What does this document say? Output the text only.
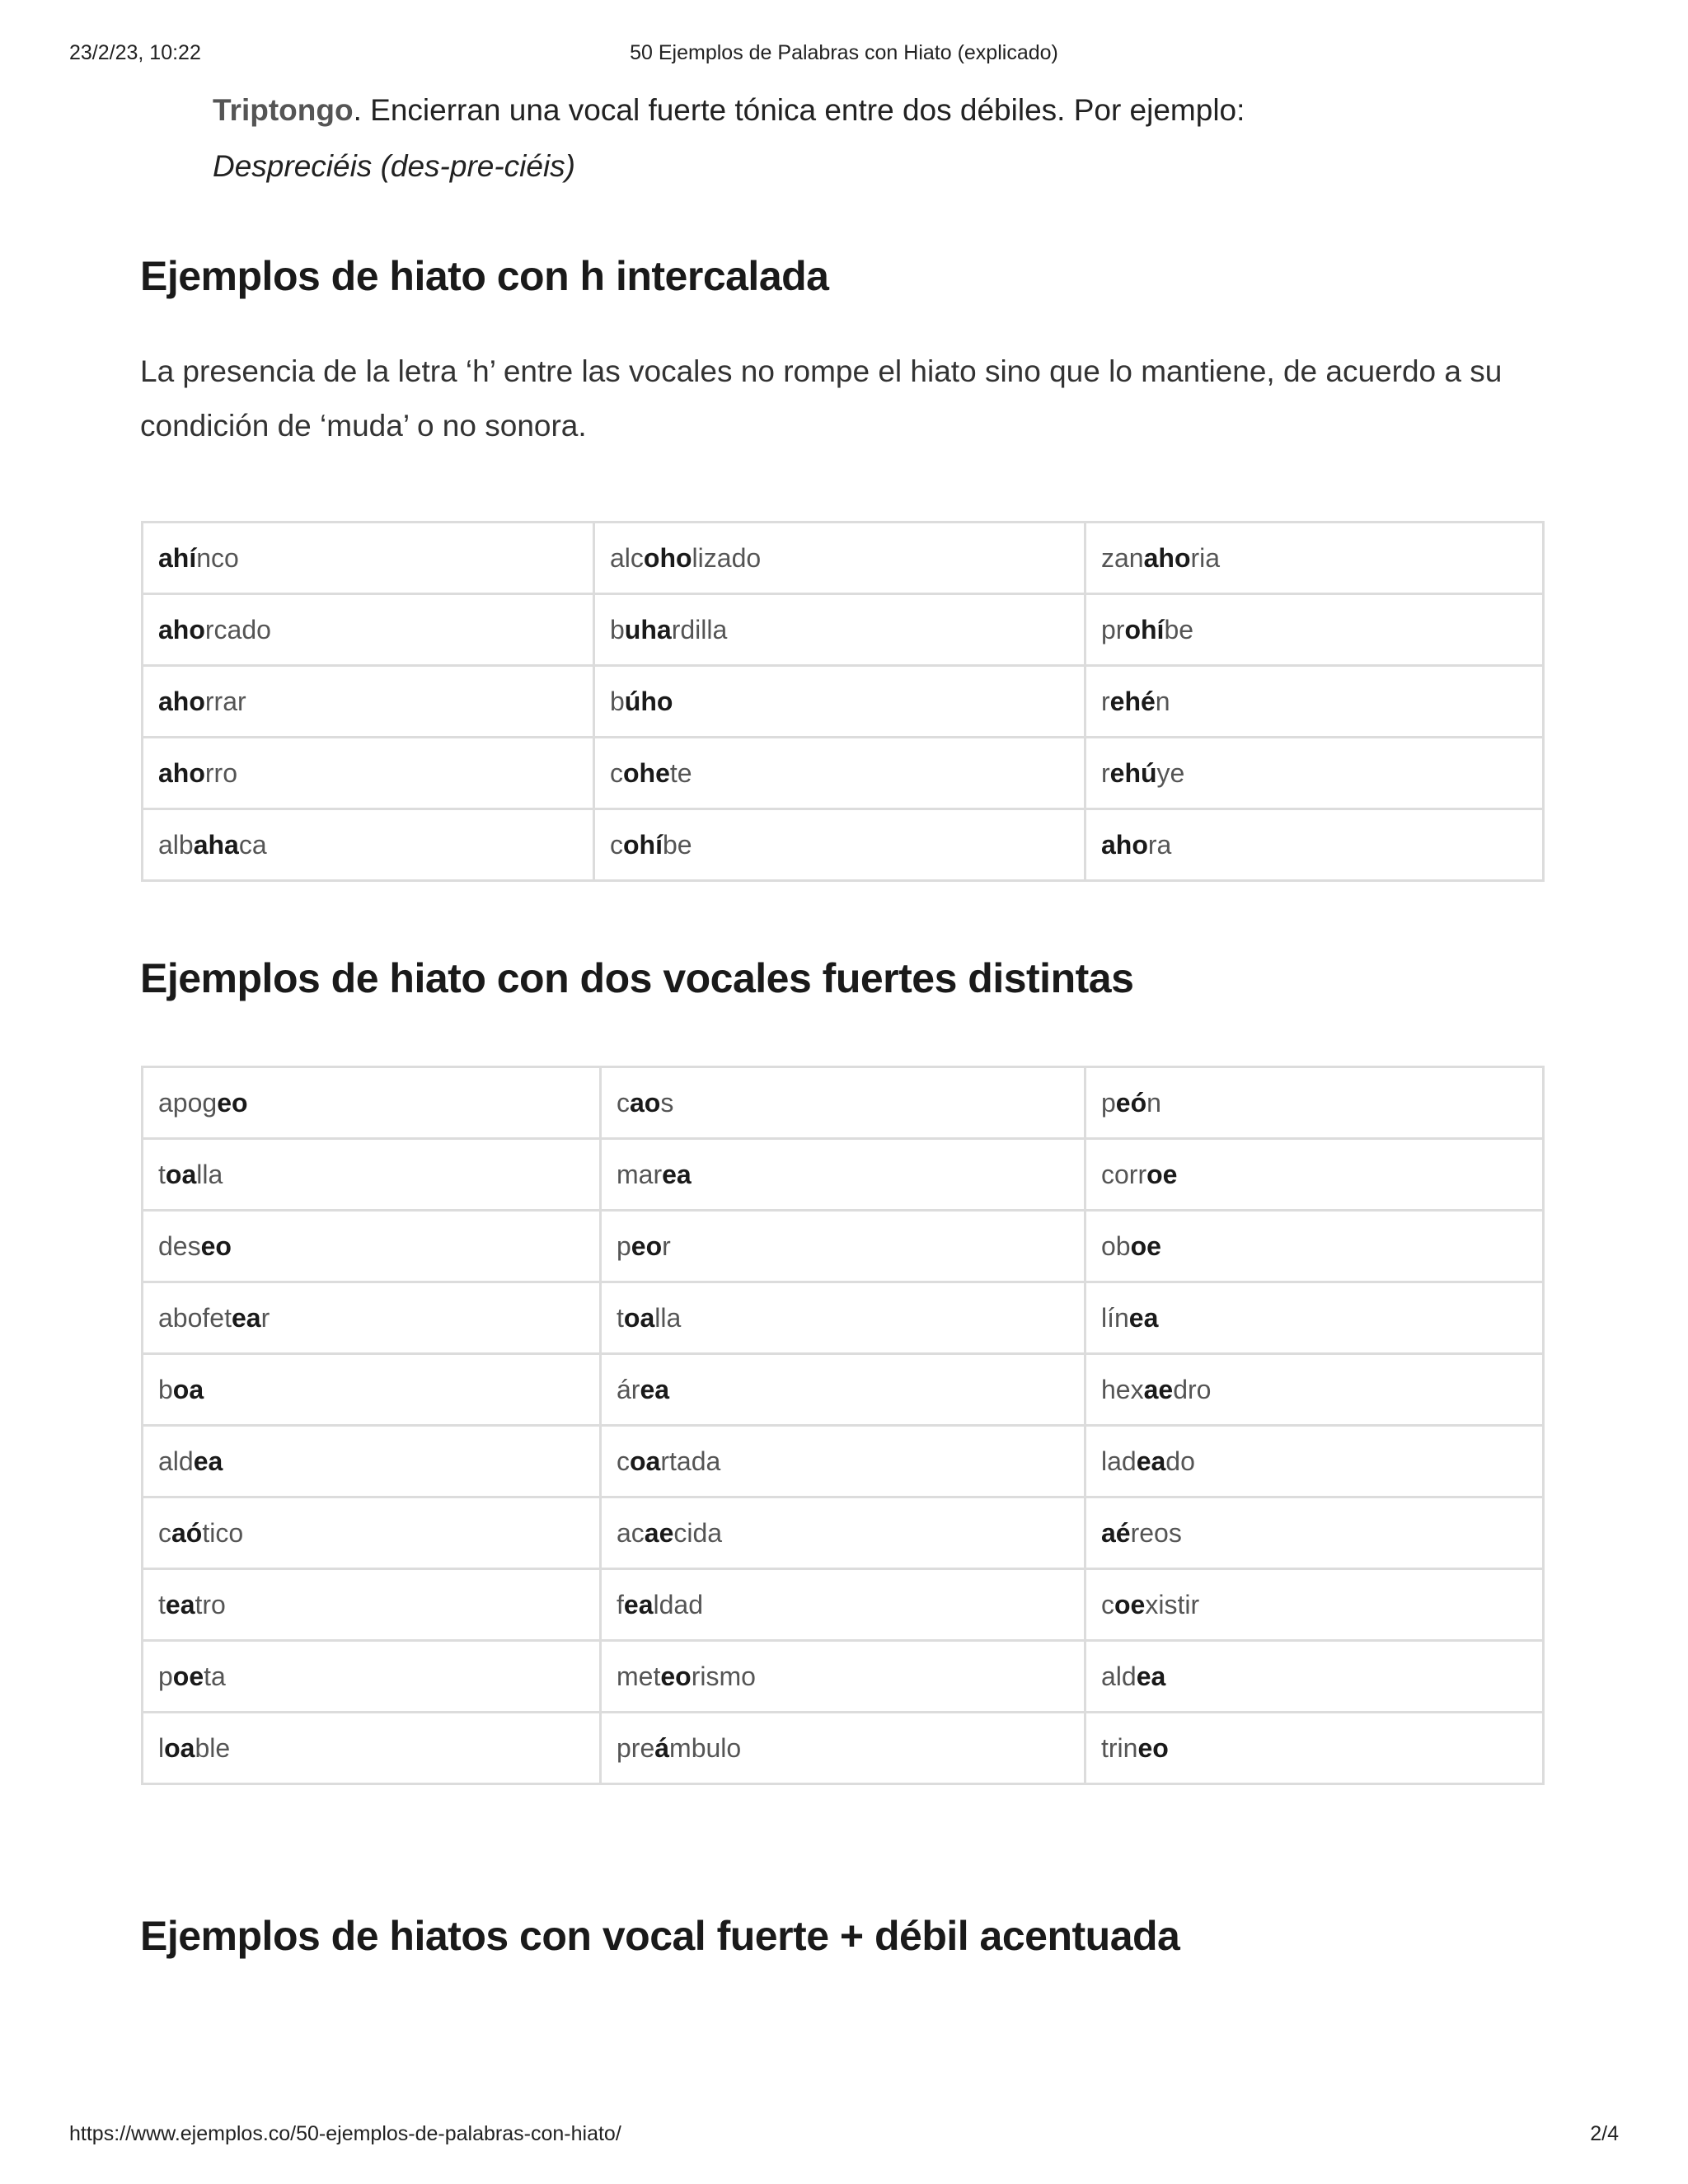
23/2/23, 10:22	50 Ejemplos de Palabras con Hiato (explicado)
Triptongo. Encierran una vocal fuerte tónica entre dos débiles. Por ejemplo:
Despreciéis (des-pre-ciéis)
Ejemplos de hiato con h intercalada
La presencia de la letra ‘h’ entre las vocales no rompe el hiato sino que lo mantiene, de acuerdo a su condición de ‘muda’ o no sonora.
ahínco	alcoholizado	zanahoria
ahorcado	buhardilla	prohíbe
ahorrar	búho	rehén
ahorro	cohete	rehúye
albahaca	cohíbe	ahora
Ejemplos de hiato con dos vocales fuertes distintas
apogeo	caos	peón
toalla	marea	corroe
deseo	peor	oboe
abofetear	toalla	línea
boa	área	hexaedro
aldea	coartada	ladeado
caótico	acaecida	aéreos
teatro	fealdad	coexistir
poeta	meteorismo	aldea
loable	preámbulo	trineo
Ejemplos de hiatos con vocal fuerte + débil acentuada
https://www.ejemplos.co/50-ejemplos-de-palabras-con-hiato/	2/4
